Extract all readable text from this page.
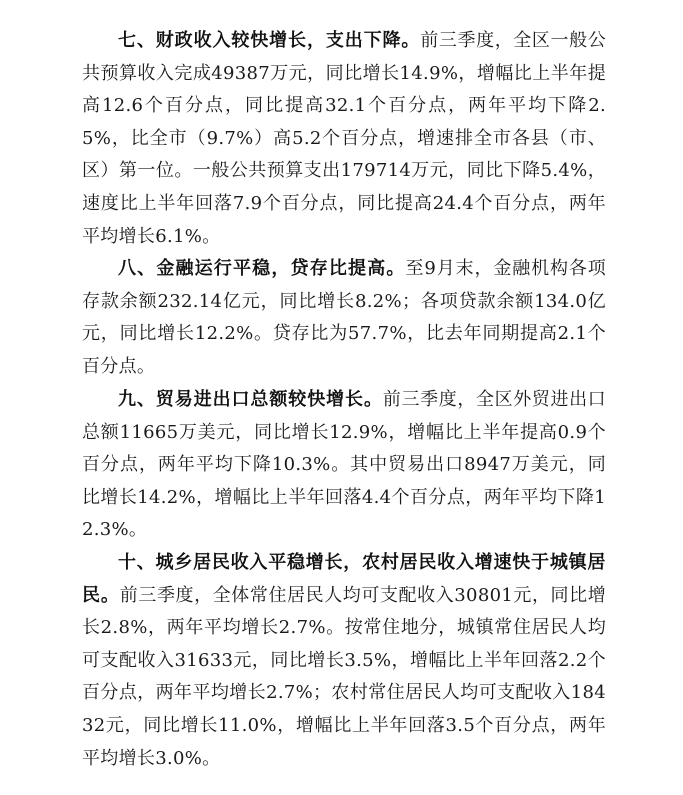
七、财政收入较快增长，支出下降。前三季度，全区一般公共预算收入完成49387万元，同比增长14.9%，增幅比上半年提高12.6个百分点，同比提高32.1个百分点，两年平均下降2.5%，比全市（9.7%）高5.2个百分点，增速排全市各县（市、区）第一位。一般公共预算支出179714万元，同比下降5.4%，速度比上半年回落7.9个百分点，同比提高24.4个百分点，两年平均增长6.1%。

八、金融运行平稳，贷存比提高。至9月末，金融机构各项存款余额232.14亿元，同比增长8.2%；各项贷款余额134.0亿元，同比增长12.2%。贷存比为57.7%，比去年同期提高2.1个百分点。

九、贸易进出口总额较快增长。前三季度，全区外贸进出口总额11665万美元，同比增长12.9%，增幅比上半年提高0.9个百分点，两年平均下降10.3%。其中贸易出口8947万美元，同比增长14.2%，增幅比上半年回落4.4个百分点，两年平均下降12.3%。

十、城乡居民收入平稳增长，农村居民收入增速快于城镇居民。前三季度，全体常住居民人均可支配收入30801元，同比增长2.8%，两年平均增长2.7%。按常住地分，城镇常住居民人均可支配收入31633元，同比增长3.5%，增幅比上半年回落2.2个百分点，两年平均增长2.7%；农村常住居民人均可支配收入18432元，同比增长11.0%，增幅比上半年回落3.5个百分点，两年平均增长3.0%。
